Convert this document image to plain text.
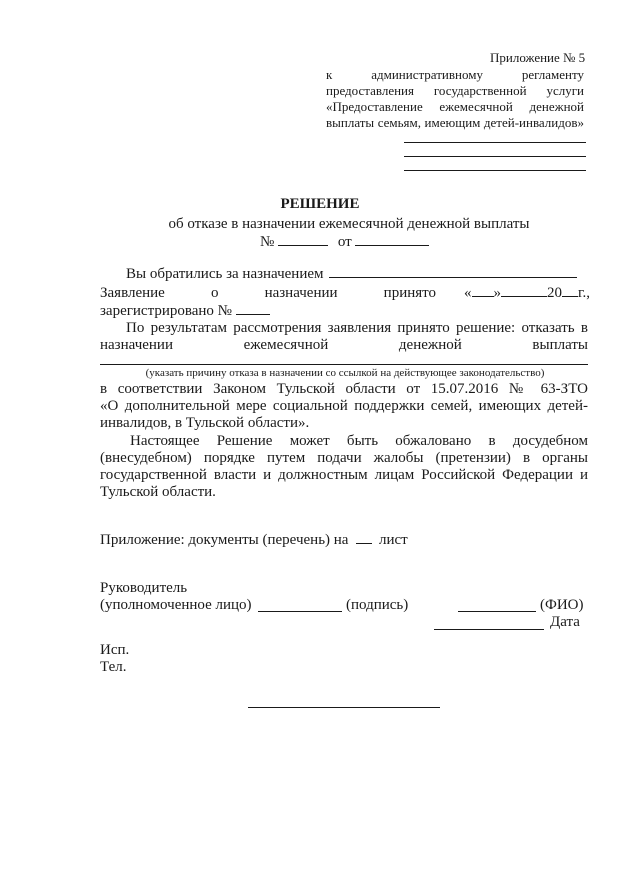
Приложение № 5
к административному регламенту
предоставления государственной услуги
«Предоставление ежемесячной денежной
выплаты семьям, имеющим детей-инвалидов»
РЕШЕНИЕ
об отказе в назначении ежемесячной денежной выплаты
№	от
Вы обратились за назначением
Заявление о назначении принято « »	20 г.,
зарегистрировано №
По результатам рассмотрения заявления принято решение: отказать в
назначении ежемесячной денежной выплаты
(указать причину отказа в назначении со ссылкой на действующее законодательство)
в соответствии Законом Тульской области от 15.07.2016 № 63-ЗТО
«О дополнительной мере социальной поддержки семей, имеющих детей-
инвалидов, в Тульской области».
Настоящее Решение может быть обжаловано в досудебном
(внесудебном) порядке путем подачи жалобы (претензии) в органы
государственной власти и должностным лицам Российской Федерации и
Тульской области.
Приложение: документы (перечень) на лист
Руководитель
(уполномоченное лицо)	(подпись)	(ФИО)
Дата
Исп.
Тел.
